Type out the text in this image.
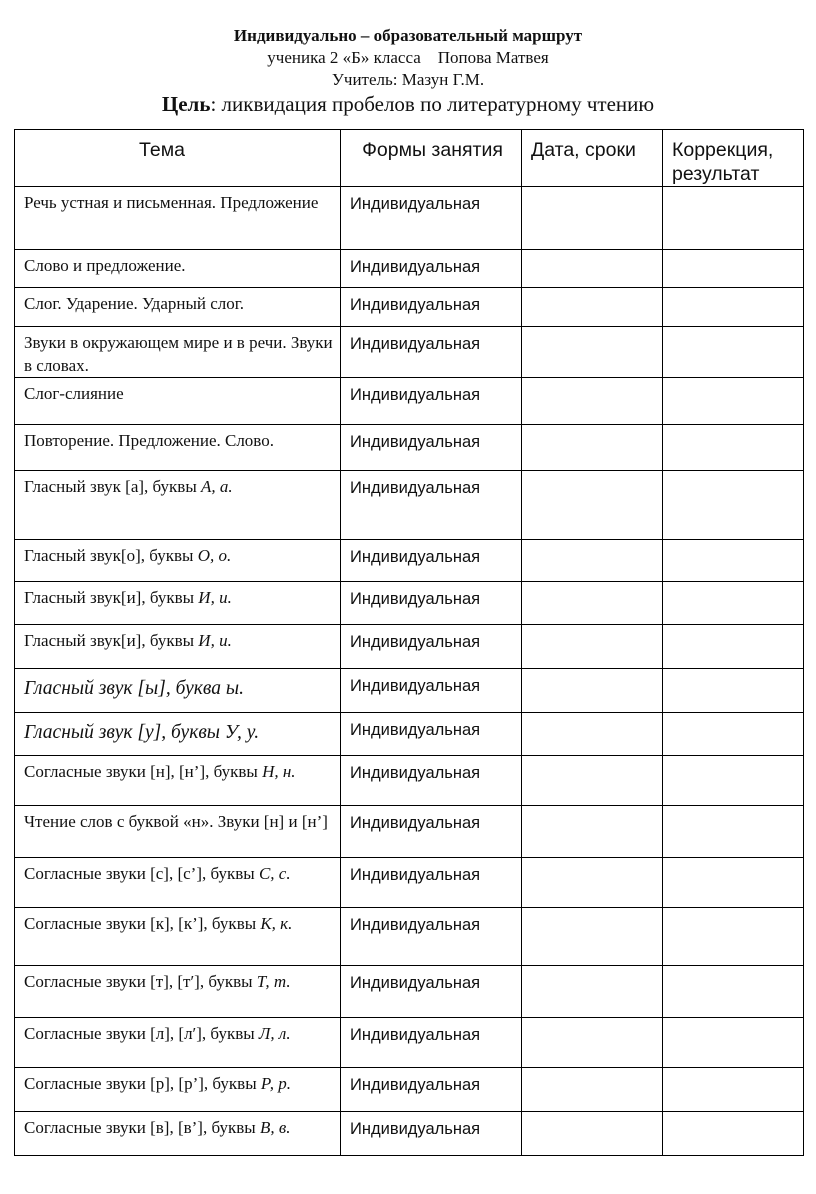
Индивидуально – образовательный маршрут
ученика 2 «Б» класса    Попова Матвея
Учитель: Мазун Г.М.
Цель: ликвидация пробелов по литературному чтению
Тема	Формы занятия	Дата, сроки	Коррекция, результат
Речь устная и письменная. Предложение	Индивидуальная		
Слово и предложение.	Индивидуальная		
Слог. Ударение. Ударный слог.	Индивидуальная		
Звуки в окружающем мире и в речи. Звуки в словах.	Индивидуальная		
Слог-слияние	Индивидуальная		
Повторение. Предложение. Слово.	Индивидуальная		
Гласный звук [а], буквы А, а.	Индивидуальная		
Гласный звук[о], буквы О, о.	Индивидуальная		
Гласный звук[и], буквы И, и.	Индивидуальная		
Гласный звук[и], буквы И, и.	Индивидуальная		
Гласный звук [ы], буква ы.	Индивидуальная		
Гласный звук [у], буквы У, у.	Индивидуальная		
Согласные звуки [н], [н’], буквы Н, н.	Индивидуальная		
Чтение слов с буквой «н». Звуки [н] и [н’]	Индивидуальная		
Согласные звуки [с], [с’], буквы С, с.	Индивидуальная		
Согласные звуки [к], [к’], буквы К, к.	Индивидуальная		
Согласные звуки [т], [т′], буквы Т, т.	Индивидуальная		
Согласные звуки [л], [л′], буквы Л, л.	Индивидуальная		
Согласные звуки [р], [р’], буквы Р, р.	Индивидуальная		
Согласные звуки [в], [в’], буквы В, в.	Индивидуальная		
